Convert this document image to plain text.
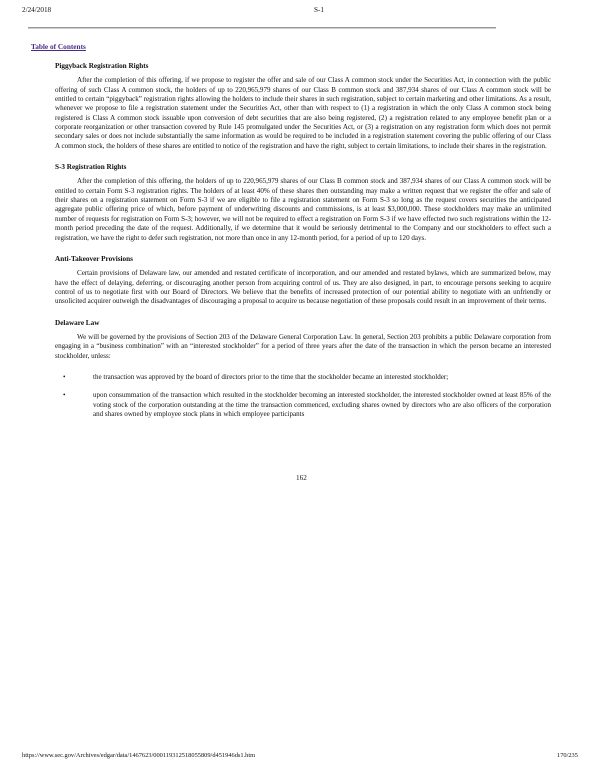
2/24/2018	S-1
Table of Contents

Piggyback Registration Rights

After the completion of this offering, if we propose to register the offer and sale of our Class A common stock under the Securities Act, in connection with the public offering of such Class A common stock, the holders of up to 220,965,979 shares of our Class B common stock and 387,934 shares of our Class A common stock will be entitled to certain “piggyback” registration rights allowing the holders to include their shares in such registration, subject to certain marketing and other limitations. As a result, whenever we propose to file a registration statement under the Securities Act, other than with respect to (1) a registration in which the only Class A common stock being registered is Class A common stock issuable upon conversion of debt securities that are also being registered, (2) a registration related to any employee benefit plan or a corporate reorganization or other transaction covered by Rule 145 promulgated under the Securities Act, or (3) a registration on any registration form which does not permit secondary sales or does not include substantially the same information as would be required to be included in a registration statement covering the public offering of our Class A common stock, the holders of these shares are entitled to notice of the registration and have the right, subject to certain limitations, to include their shares in the registration.

S-3 Registration Rights

After the completion of this offering, the holders of up to 220,965,979 shares of our Class B common stock and 387,934 shares of our Class A common stock will be entitled to certain Form S-3 registration rights. The holders of at least 40% of these shares then outstanding may make a written request that we register the offer and sale of their shares on a registration statement on Form S-3 if we are eligible to file a registration statement on Form S-3 so long as the request covers securities the anticipated aggregate public offering price of which, before payment of underwriting discounts and commissions, is at least $3,000,000. These stockholders may make an unlimited number of requests for registration on Form S-3; however, we will not be required to effect a registration on Form S-3 if we have effected two such registrations within the 12-month period preceding the date of the request. Additionally, if we determine that it would be seriously detrimental to the Company and our stockholders to effect such a registration, we have the right to defer such registration, not more than once in any 12-month period, for a period of up to 120 days.

Anti-Takeover Provisions

Certain provisions of Delaware law, our amended and restated certificate of incorporation, and our amended and restated bylaws, which are summarized below, may have the effect of delaying, deferring, or discouraging another person from acquiring control of us. They are also designed, in part, to encourage persons seeking to acquire control of us to negotiate first with our Board of Directors. We believe that the benefits of increased protection of our potential ability to negotiate with an unfriendly or unsolicited acquirer outweigh the disadvantages of discouraging a proposal to acquire us because negotiation of these proposals could result in an improvement of their terms.

Delaware Law

We will be governed by the provisions of Section 203 of the Delaware General Corporation Law. In general, Section 203 prohibits a public Delaware corporation from engaging in a “business combination” with an “interested stockholder” for a period of three years after the date of the transaction in which the person became an interested stockholder, unless:

•	the transaction was approved by the board of directors prior to the time that the stockholder became an interested stockholder;
•	upon consummation of the transaction which resulted in the stockholder becoming an interested stockholder, the interested stockholder owned at least 85% of the voting stock of the corporation outstanding at the time the transaction commenced, excluding shares owned by directors who are also officers of the corporation and shares owned by employee stock plans in which employee participants
162
https://www.sec.gov/Archives/edgar/data/1467623/000119312518055809/d451946ds1.htm	170/235
